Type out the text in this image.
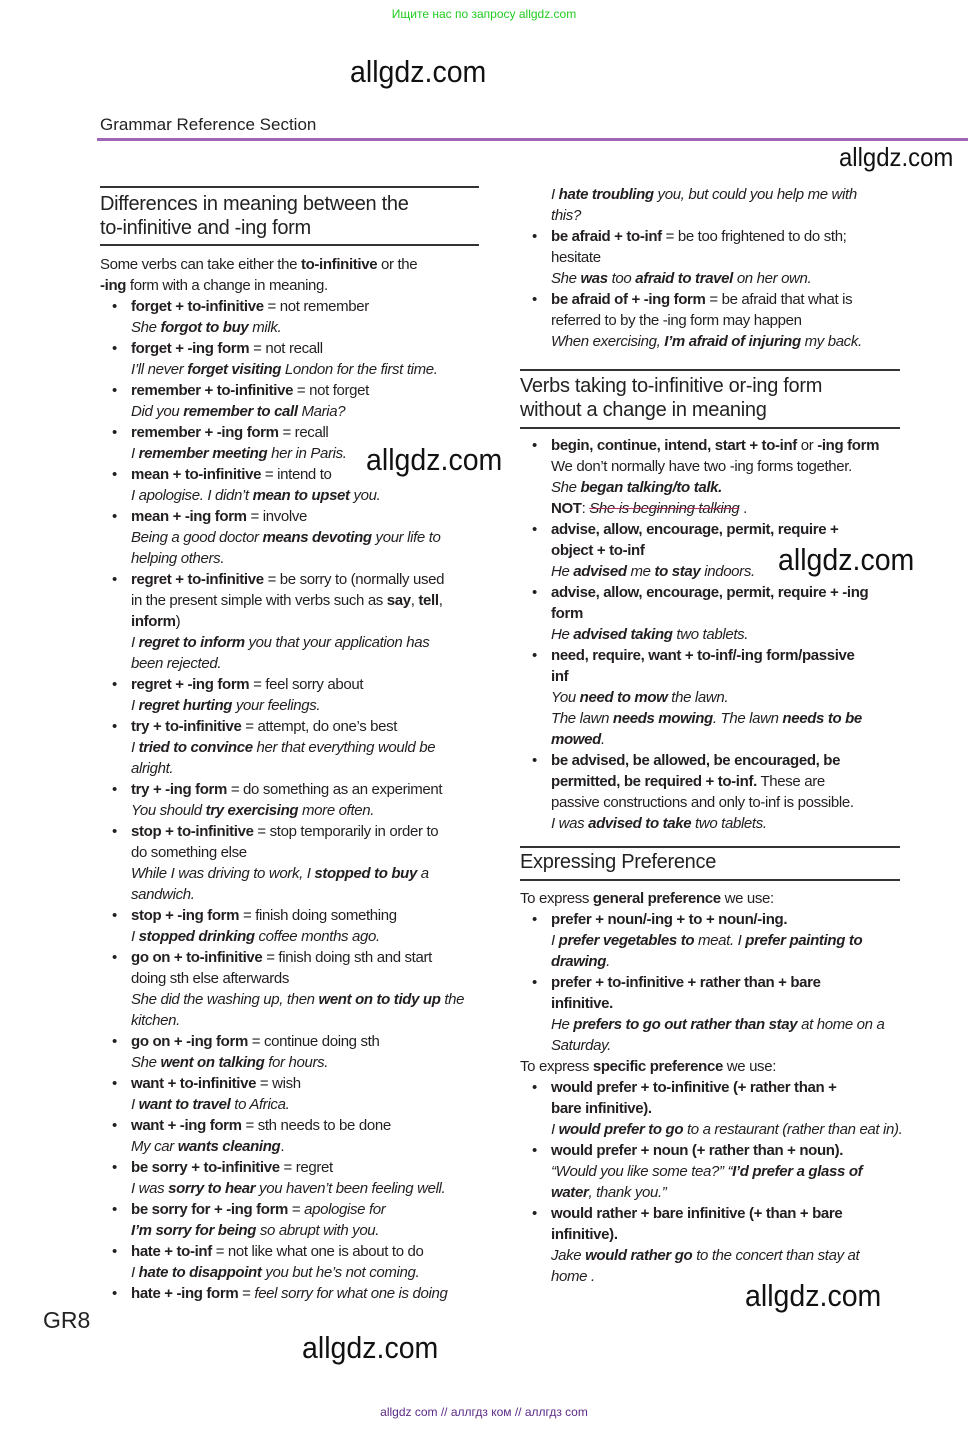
Ищите нас по запросу allgdz.com
allgdz.com
Grammar Reference Section
allgdz.com
Differences in meaning between the
to-infinitive and -ing form
Some verbs can take either the to-infinitive or the
-ing form with a change in meaning.
• forget + to-infinitive = not remember
She forgot to buy milk.
• forget + -ing form = not recall
I’ll never forget visiting London for the first time.
• remember + to-infinitive = not forget
Did you remember to call Maria?
• remember + -ing form = recall
I remember meeting her in Paris.
• mean + to-infinitive = intend to
I apologise. I didn’t mean to upset you.
• mean + -ing form = involve
Being a good doctor means devoting your life to
helping others.
• regret + to-infinitive = be sorry to (normally used
in the present simple with verbs such as say, tell,
inform)
I regret to inform you that your application has
been rejected.
• regret + -ing form = feel sorry about
I regret hurting your feelings.
• try + to-infinitive = attempt, do one’s best
I tried to convince her that everything would be
alright.
• try + -ing form = do something as an experiment
You should try exercising more often.
• stop + to-infinitive = stop temporarily in order to
do something else
While I was driving to work, I stopped to buy a
sandwich.
• stop + -ing form = finish doing something
I stopped drinking coffee months ago.
• go on + to-infinitive = finish doing sth and start
doing sth else afterwards
She did the washing up, then went on to tidy up the
kitchen.
• go on + -ing form = continue doing sth
She went on talking for hours.
• want + to-infinitive = wish
I want to travel to Africa.
• want + -ing form = sth needs to be done
My car wants cleaning.
• be sorry + to-infinitive = regret
I was sorry to hear you haven’t been feeling well.
• be sorry for + -ing form = apologise for
I’m sorry for being so abrupt with you.
• hate + to-inf = not like what one is about to do
I hate to disappoint you but he’s not coming.
• hate + -ing form = feel sorry for what one is doing
I hate troubling you, but could you help me with
this?
• be afraid + to-inf = be too frightened to do sth;
hesitate
She was too afraid to travel on her own.
• be afraid of + -ing form = be afraid that what is
referred to by the -ing form may happen
When exercising, I’m afraid of injuring my back.
Verbs taking to-infinitive or-ing form
without a change in meaning
• begin, continue, intend, start + to-inf or -ing form
We don’t normally have two -ing forms together.
She began talking/to talk.
NOT: She is beginning talking .
• advise, allow, encourage, permit, require +
object + to-inf
He advised me to stay indoors.
• advise, allow, encourage, permit, require + -ing
form
He advised taking two tablets.
• need, require, want + to-inf/-ing form/passive
inf
You need to mow the lawn.
The lawn needs mowing. The lawn needs to be
mowed.
• be advised, be allowed, be encouraged, be
permitted, be required + to-inf. These are
passive constructions and only to-inf is possible.
I was advised to take two tablets.
Expressing Preference
To express general preference we use:
• prefer + noun/-ing + to + noun/-ing.
I prefer vegetables to meat. I prefer painting to
drawing.
• prefer + to-infinitive + rather than + bare
infinitive.
He prefers to go out rather than stay at home on a
Saturday.
To express specific preference we use:
• would prefer + to-infinitive (+ rather than +
bare infinitive).
I would prefer to go to a restaurant (rather than eat in).
• would prefer + noun (+ rather than + noun).
“Would you like some tea?” “I’d prefer a glass of
water, thank you.”
• would rather + bare infinitive (+ than + bare
infinitive).
Jake would rather go to the concert than stay at
home .
allgdz.com
allgdz.com
allgdz.com
allgdz.com
GR8
allgdz com // аллгдз ком // аллгдз com
